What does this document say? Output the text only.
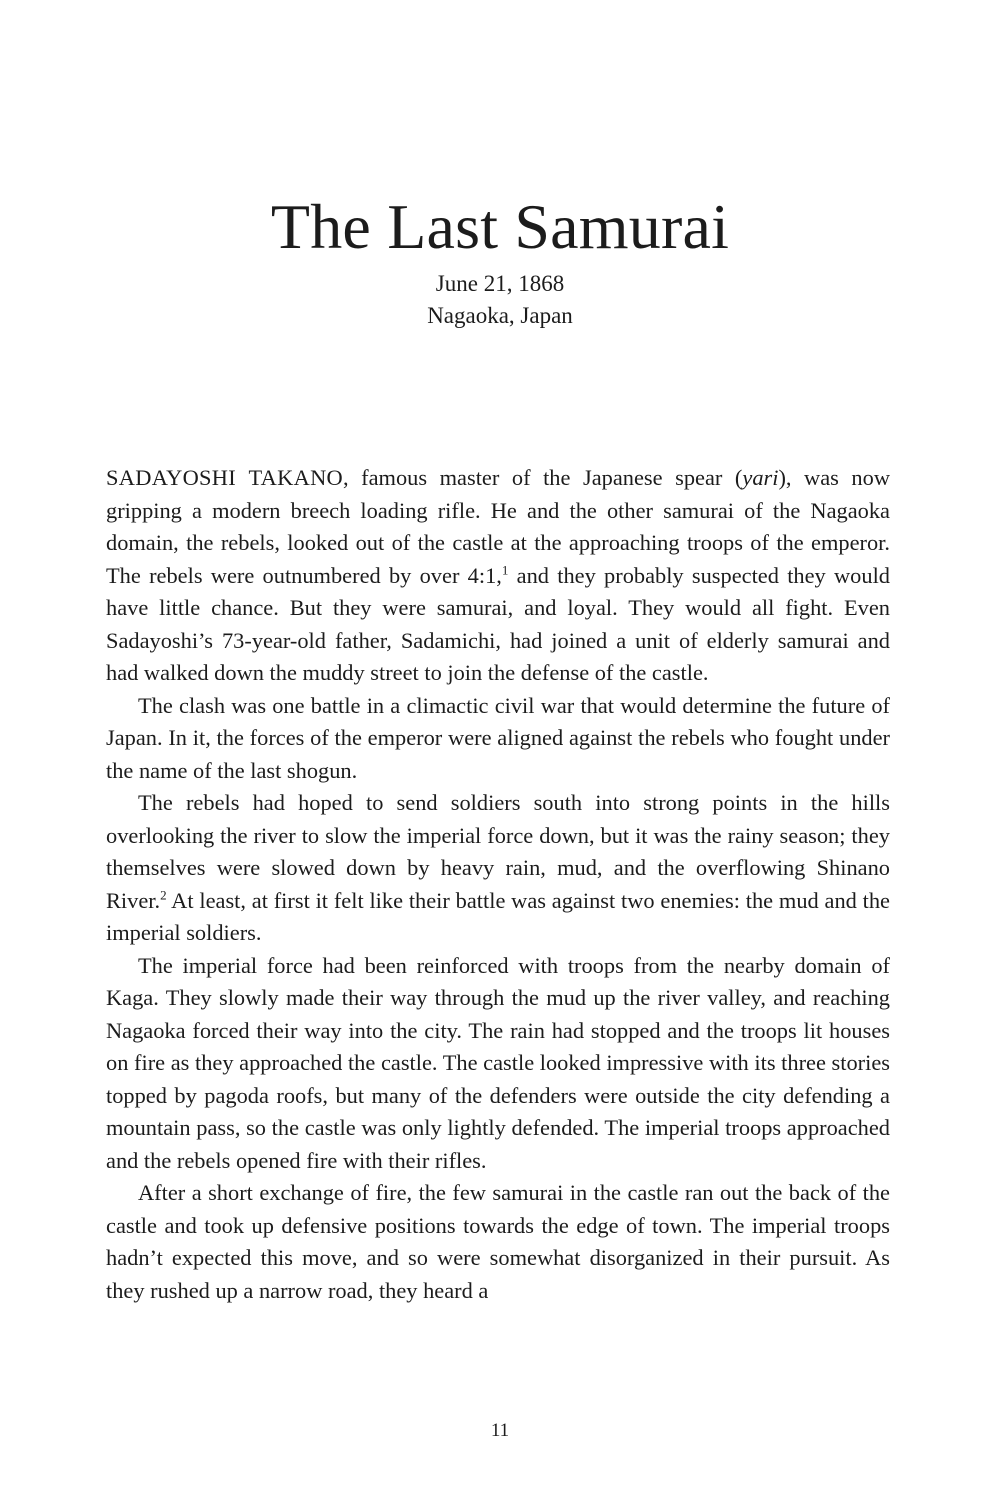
The Last Samurai
June 21, 1868
Nagaoka, Japan

SADAYOSHI TAKANO, famous master of the Japanese spear (yari), was now gripping a modern breech loading rifle. He and the other samurai of the Nagaoka domain, the rebels, looked out of the castle at the approaching troops of the emperor. The rebels were outnumbered by over 4:1,$^1$ and they probably suspected they would have little chance. But they were samurai, and loyal. They would all fight. Even Sadayoshi’s 73-year-old father, Sadamichi, had joined a unit of elderly samurai and had walked down the muddy street to join the defense of the castle.

The clash was one battle in a climactic civil war that would determine the future of Japan. In it, the forces of the emperor were aligned against the rebels who fought under the name of the last shogun.

The rebels had hoped to send soldiers south into strong points in the hills overlooking the river to slow the imperial force down, but it was the rainy season; they themselves were slowed down by heavy rain, mud, and the overflowing Shinano River.$^2$ At least, at first it felt like their battle was against two enemies: the mud and the imperial soldiers.

The imperial force had been reinforced with troops from the nearby domain of Kaga. They slowly made their way through the mud up the river valley, and reaching Nagaoka forced their way into the city. The rain had stopped and the troops lit houses on fire as they approached the castle. The castle looked impressive with its three stories topped by pagoda roofs, but many of the defenders were outside the city defending a mountain pass, so the castle was only lightly defended. The imperial troops approached and the rebels opened fire with their rifles.

After a short exchange of fire, the few samurai in the castle ran out the back of the castle and took up defensive positions towards the edge of town. The imperial troops hadn’t expected this move, and so were somewhat disorganized in their pursuit. As they rushed up a narrow road, they heard a

11
